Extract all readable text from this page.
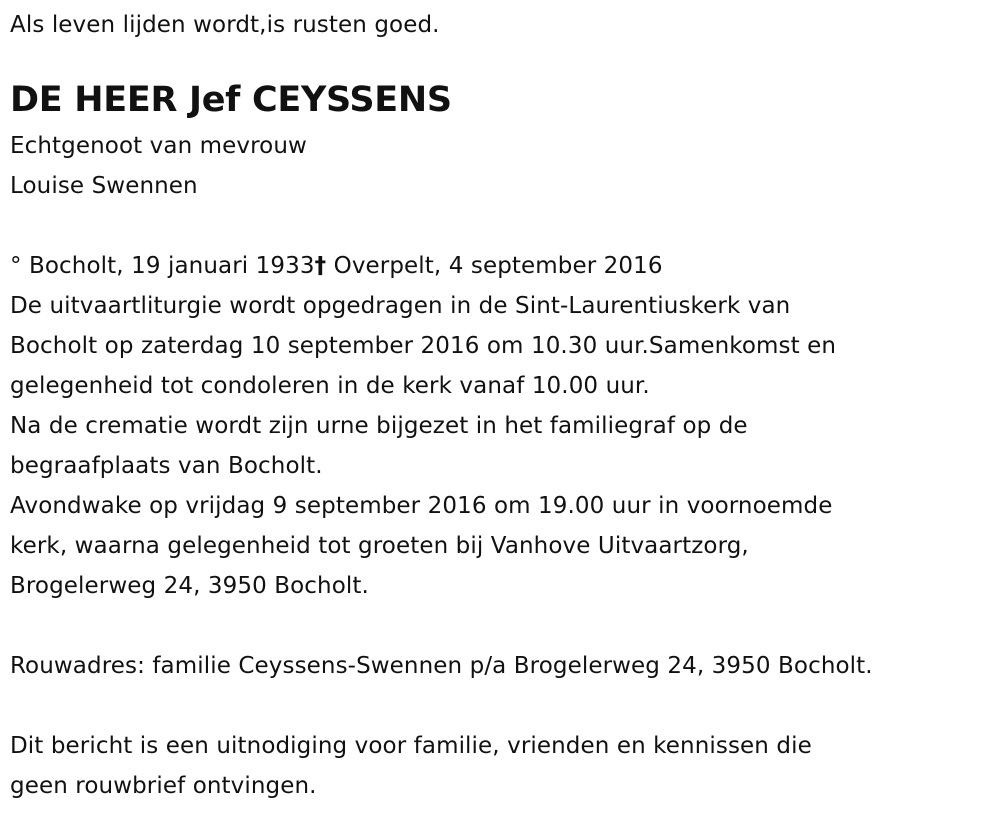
Als leven lijden wordt,is rusten goed.
DE HEER Jef CEYSSENS
Echtgenoot van mevrouw
Louise Swennen
° Bocholt, 19 januari 1933† Overpelt, 4 september 2016
De uitvaartliturgie wordt opgedragen in de Sint-Laurentiuskerk van
Bocholt op zaterdag 10 september 2016 om 10.30 uur.Samenkomst en
gelegenheid tot condoleren in de kerk vanaf 10.00 uur.
Na de crematie wordt zijn urne bijgezet in het familiegraf op de
begraafplaats van Bocholt.
Avondwake op vrijdag 9 september 2016 om 19.00 uur in voornoemde
kerk, waarna gelegenheid tot groeten bij Vanhove Uitvaartzorg,
Brogelerweg 24, 3950 Bocholt.
Rouwadres: familie Ceyssens-Swennen p/a Brogelerweg 24, 3950 Bocholt.
Dit bericht is een uitnodiging voor familie, vrienden en kennissen die
geen rouwbrief ontvingen.
